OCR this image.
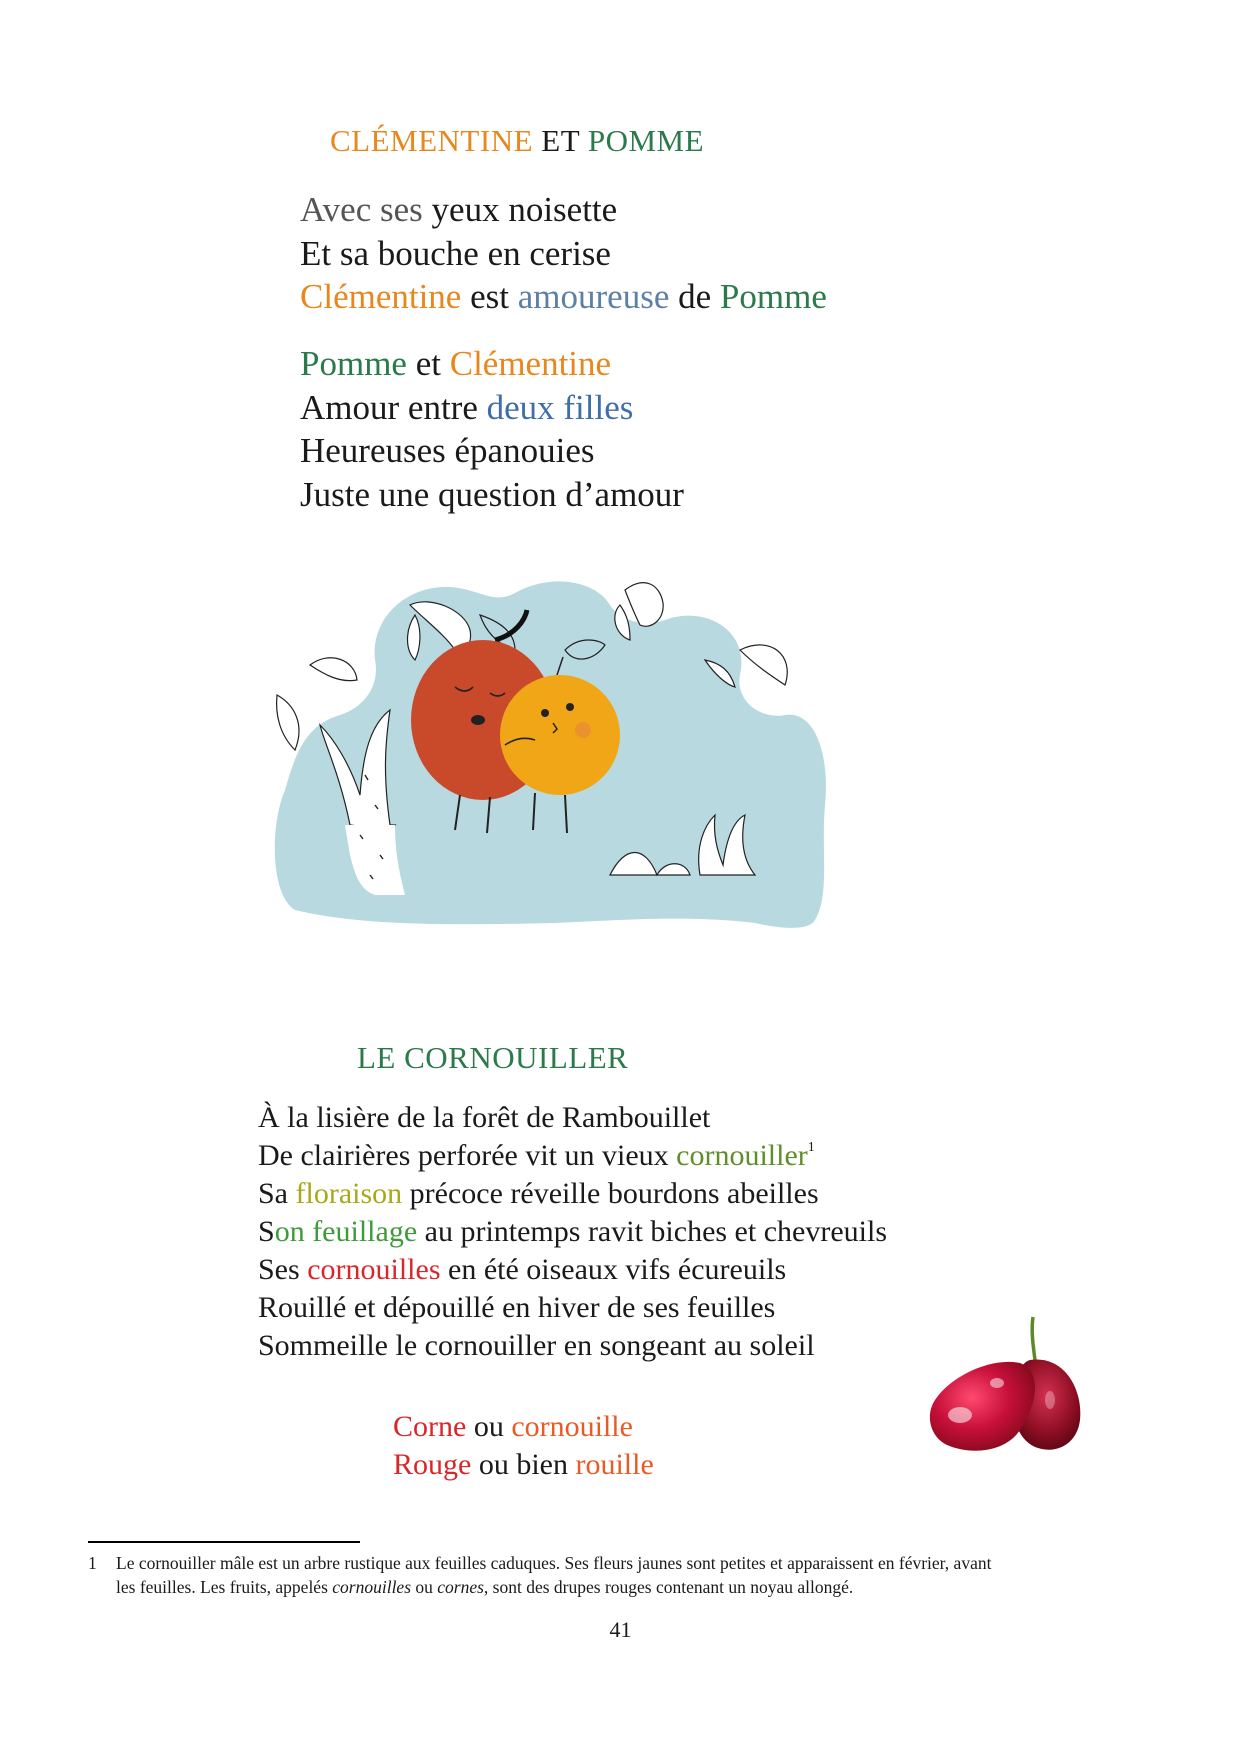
CLÉMENTINE ET POMME
Avec ses yeux noisette
Et sa bouche en cerise
Clémentine est amoureuse de Pomme
Pomme et Clémentine
Amour entre deux filles
Heureuses épanouies
Juste une question d’amour
LE CORNOUILLER
À la lisière de la forêt de Rambouillet
De clairières perforée vit un vieux cornouiller$^1$
Sa floraison précoce réveille bourdons abeilles
Son feuillage au printemps ravit biches et chevreuils
Ses cornouilles en été oiseaux vifs écureuils
Rouillé et dépouillé en hiver de ses feuilles
Sommeille le cornouiller en songeant au soleil
Corne ou cornouille
Rouge ou bien rouille
1 Le cornouiller mâle est un arbre rustique aux feuilles caduques. Ses fleurs jaunes sont petites et apparaissent en février, avant
les feuilles. Les fruits, appelés cornouilles ou cornes, sont des drupes rouges contenant un noyau allongé.
41
